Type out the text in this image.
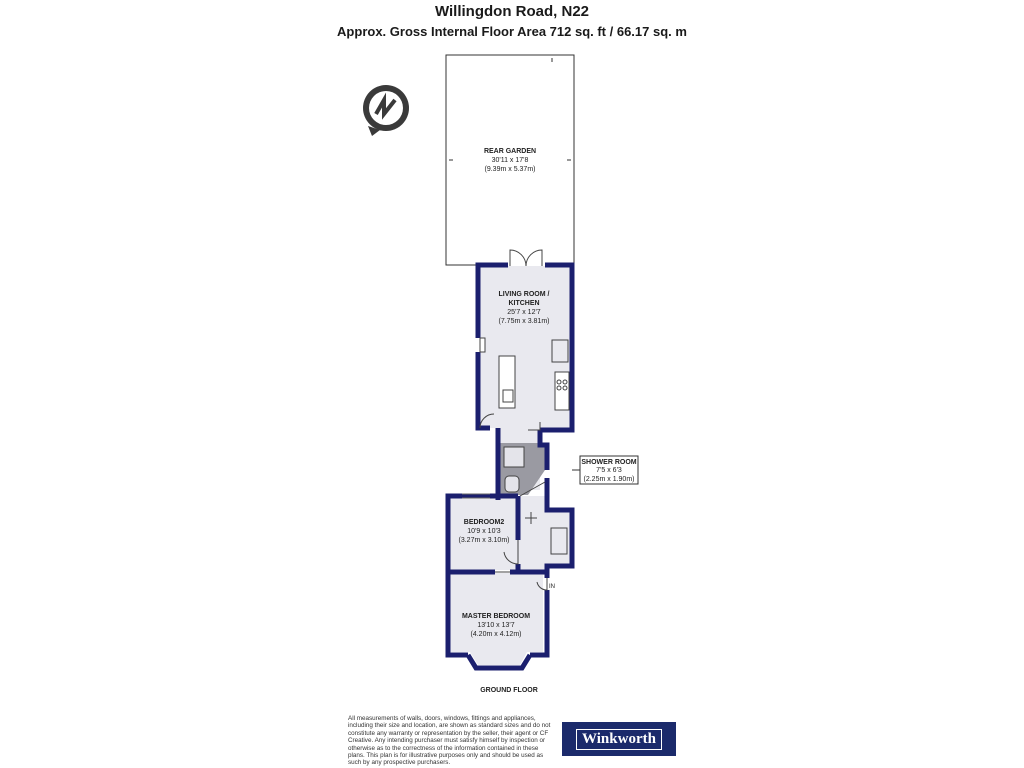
Willingdon Road, N22
Approx. Gross Internal Floor Area 712 sq. ft / 66.17 sq. m
REAR GARDEN
30'11 x 17'8
(9.39m x 5.37m)
LIVING ROOM /
KITCHEN
25'7 x 12'7
(7.75m x 3.81m)
SHOWER ROOM
7'5 x 6'3
(2.25m x 1.90m)
BEDROOM2
10'9 x 10'3
(3.27m x 3.10m)
MASTER BEDROOM
13'10 x 13'7
(4.20m x 4.12m)
IN
GROUND FLOOR
All measurements of walls, doors, windows, fittings and appliances, including their size and location, are shown as standard sizes and do not constitute any warranty or representation by the seller, their agent or CF Creative. Any intending purchaser must satisfy himself by inspection or otherwise as to the correctness of the information contained in these plans. This plan is for illustrative purposes only and should be used as such by any prospective purchasers.
Winkworth
